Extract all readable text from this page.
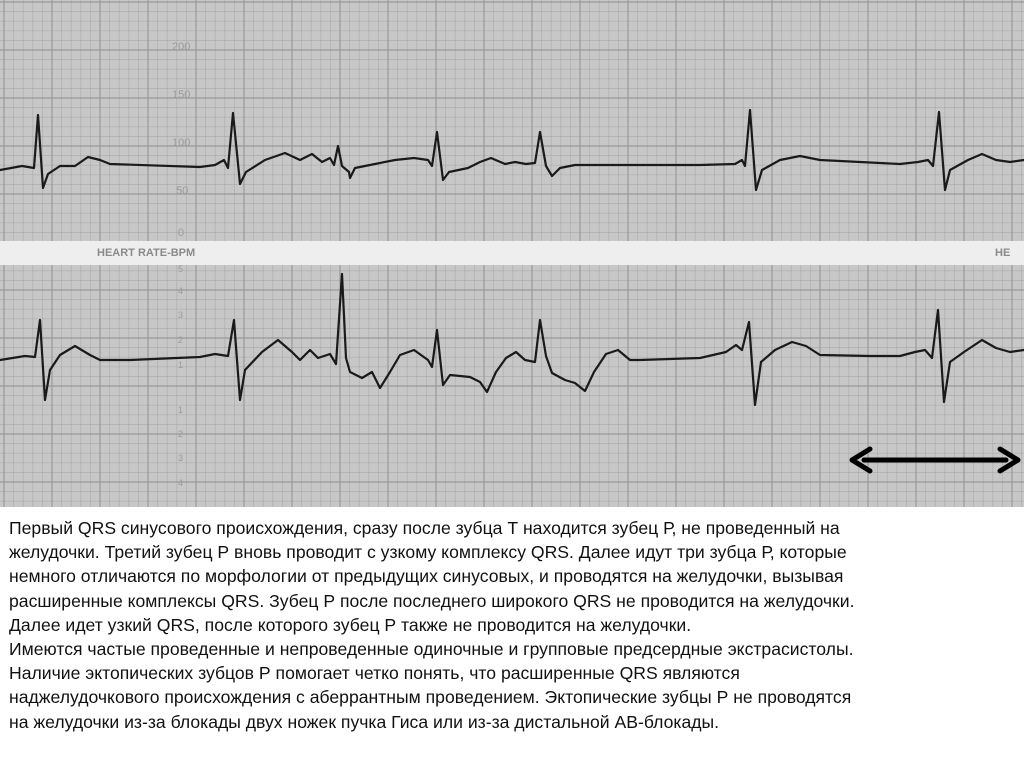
HEART RATE-BPM	HE
200
150
100
50
0
5
4
3
2
1
1
2
3
4
Первый QRS синусового происхождения, сразу после зубца Т находится зубец Р, не проведенный на
желудочки. Третий зубец Р вновь проводит с узкому комплексу QRS. Далее идут три зубца Р, которые
немного отличаются по морфологии от предыдущих синусовых, и проводятся на желудочки, вызывая
расширенные комплексы QRS. Зубец Р после последнего широкого QRS не проводится на желудочки.
Далее идет узкий QRS, после которого зубец Р также не проводится на желудочки.
Имеются частые проведенные и непроведенные одиночные и групповые предсердные экстрасистолы.
Наличие эктопических зубцов Р помогает четко понять, что расширенные QRS являются
наджелудочкового происхождения с аберрантным проведением. Эктопические зубцы Р не проводятся
на желудочки из-за блокады двух ножек пучка Гиса или из-за дистальной АВ-блокады.
